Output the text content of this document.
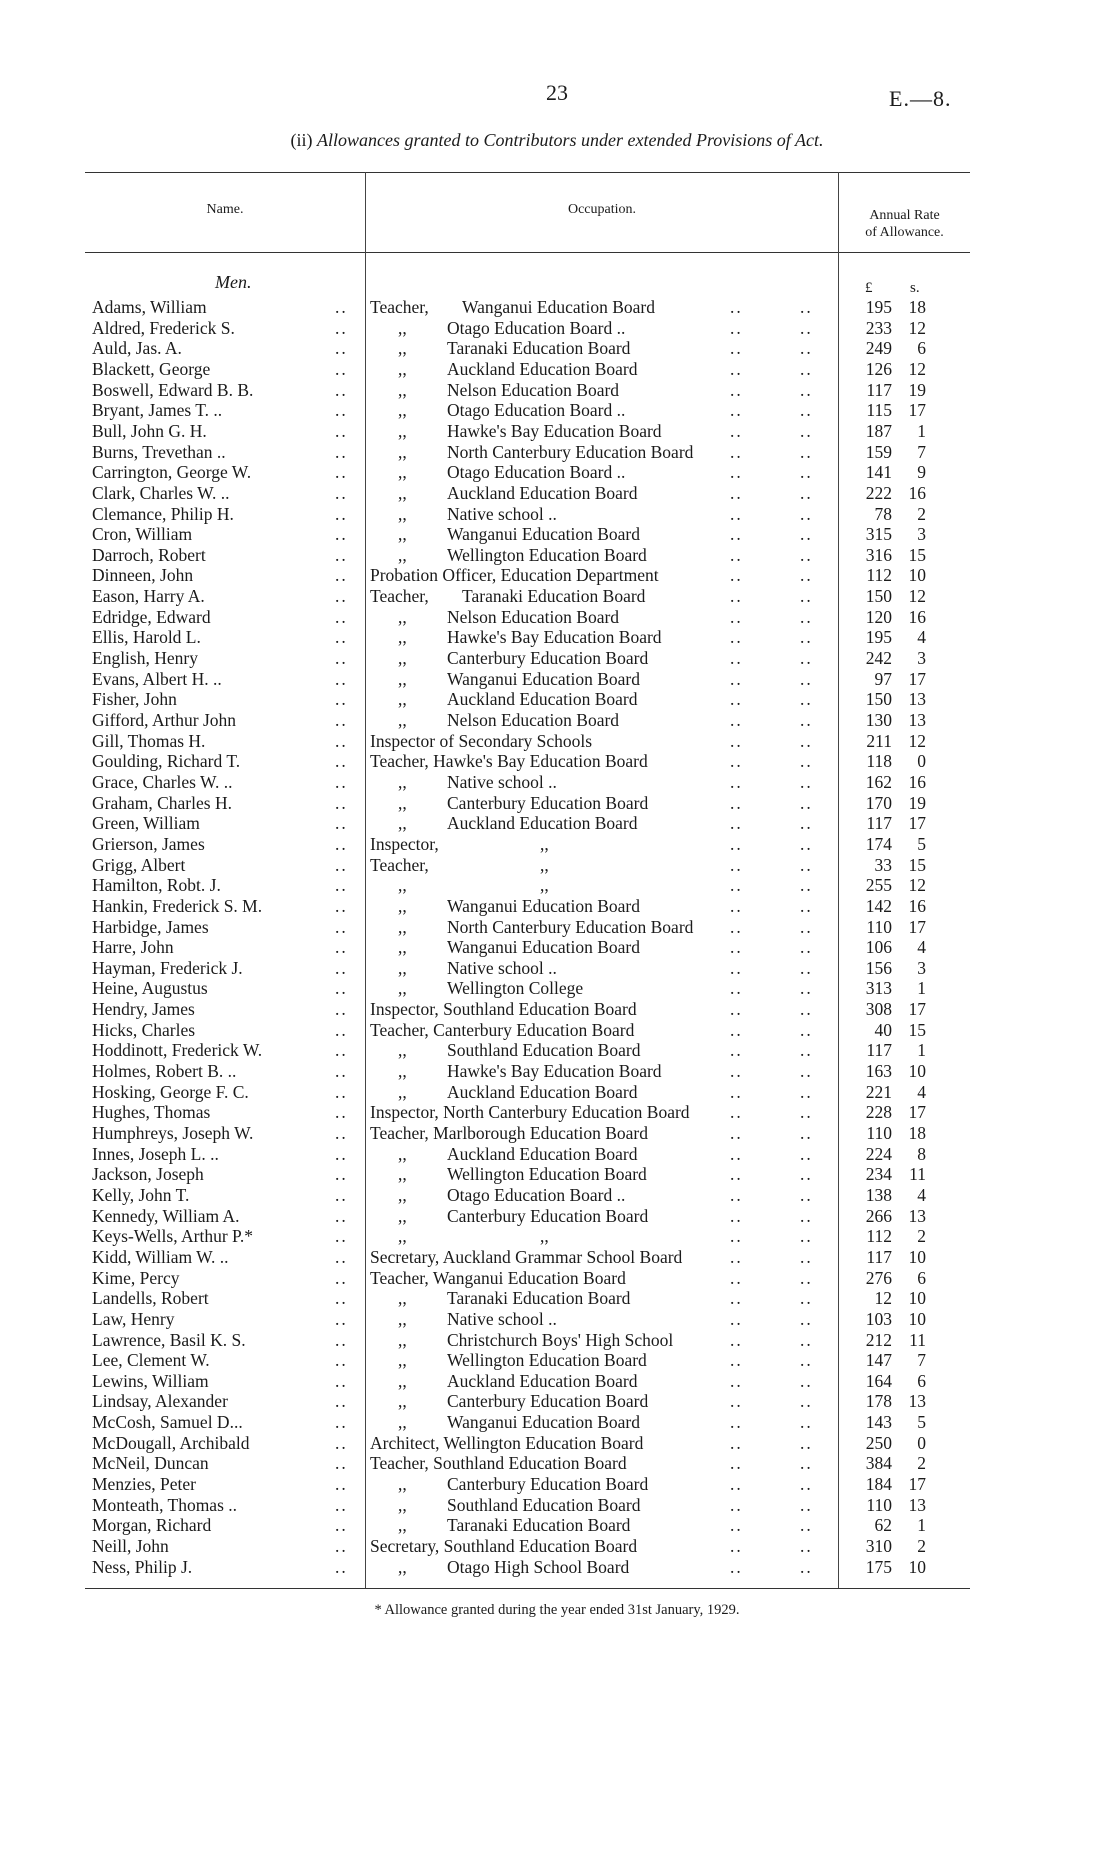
23	E.—8.
(ii) Allowances granted to Contributors under extended Provisions of Act.
Name.	Occupation.	Annual Rate
of Allowance.
Men.	£	s.
Adams, William	.. Teacher, Wanganui Education Board	..	..	195 18
Aldred, Frederick S.	..	,, Otago Education Board ..	..	..	233 12
Auld, Jas. A.	..	,, Taranaki Education Board	..	..	249	6
Blackett, George	..	,, Auckland Education Board	..	..	126 12
Boswell, Edward B. B.	..	,, Nelson Education Board	..	..	117 19
Bryant, James T. ..	..	,, Otago Education Board ..	..	..	115 17
Bull, John G. H.	..	,, Hawke's Bay Education Board	..	..	187	1
Burns, Trevethan ..	..	,, North Canterbury Education Board ..	..	159	7
Carrington, George W.	..	,, Otago Education Board ..	..	..	141	9
Clark, Charles W. ..	..	,, Auckland Education Board	..	..	222 16
Clemance, Philip H.	..	,, Native school ..	..	..	78	2
Cron, William	..	,, Wanganui Education Board	..	..	315	3
Darroch, Robert	..	,, Wellington Education Board	..	..	316 15
Dinneen, John	.. Probation Officer, Education Department	..	..	112 10
Eason, Harry A.	.. Teacher, Taranaki Education Board	..	..	150 12
Edridge, Edward	..	,, Nelson Education Board	..	..	120 16
Ellis, Harold L.	..	,, Hawke's Bay Education Board	..	..	195	4
English, Henry	..	,, Canterbury Education Board	..	..	242	3
Evans, Albert H. ..	..	,, Wanganui Education Board	..	..	97 17
Fisher, John	..	,, Auckland Education Board	..	..	150 13
Gifford, Arthur John	..	,, Nelson Education Board	..	..	130 13
Gill, Thomas H.	.. Inspector of Secondary Schools	..	..	211 12
Goulding, Richard T.	.. Teacher, Hawke's Bay Education Board	..	..	118	0
Grace, Charles W. ..	..	,, Native school ..	..	..	162 16
Graham, Charles H.	..	,, Canterbury Education Board	..	..	170 19
Green, William	..	,, Auckland Education Board	..	..	117 17
Grierson, James	.. Inspector,	,,	..	..	174	5
Grigg, Albert	.. Teacher,	,,	..	..	33 15
Hamilton, Robt. J.	..	,,	,,	..	..	255 12
Hankin, Frederick S. M.	..	,, Wanganui Education Board	..	..	142 16
Harbidge, James	..	,, North Canterbury Education Board ..	..	110 17
Harre, John	..	,, Wanganui Education Board	..	..	106	4
Hayman, Frederick J.	..	,, Native school ..	..	..	156	3
Heine, Augustus	..	,, Wellington College	..	..	313	1
Hendry, James	.. Inspector, Southland Education Board	..	..	308 17
Hicks, Charles	.. Teacher, Canterbury Education Board	..	..	40 15
Hoddinott, Frederick W.	..	,, Southland Education Board	..	..	117	1
Holmes, Robert B. ..	..	,, Hawke's Bay Education Board	..	..	163 10
Hosking, George F. C.	..	,, Auckland Education Board	..	..	221	4
Hughes, Thomas	.. Inspector, North Canterbury Education Board ..	..	228 17
Humphreys, Joseph W.	.. Teacher, Marlborough Education Board	..	..	110 18
Innes, Joseph L. ..	..	,, Auckland Education Board	..	..	224	8
Jackson, Joseph	..	,, Wellington Education Board	..	..	234 11
Kelly, John T.	..	,, Otago Education Board ..	..	..	138	4
Kennedy, William A.	..	,, Canterbury Education Board	..	..	266 13
Keys-Wells, Arthur P.*	..	,,	,,	..	..	112	2
Kidd, William W. ..	.. Secretary, Auckland Grammar School Board	..	..	117 10
Kime, Percy	.. Teacher, Wanganui Education Board	..	..	276	6
Landells, Robert	..	,, Taranaki Education Board	..	..	12 10
Law, Henry	..	,, Native school ..	..	..	103 10
Lawrence, Basil K. S.	..	,, Christchurch Boys' High School	..	..	212 11
Lee, Clement W.	..	,, Wellington Education Board	..	..	147	7
Lewins, William	..	,, Auckland Education Board	..	..	164	6
Lindsay, Alexander	..	,, Canterbury Education Board	..	..	178 13
McCosh, Samuel D...	..	,, Wanganui Education Board	..	..	143	5
McDougall, Archibald	.. Architect, Wellington Education Board	..	..	250	0
McNeil, Duncan	.. Teacher, Southland Education Board	..	..	384	2
Menzies, Peter	..	,, Canterbury Education Board	..	..	184 17
Monteath, Thomas ..	..	,, Southland Education Board	..	..	110 13
Morgan, Richard	..	,, Taranaki Education Board	..	..	62	1
Neill, John	.. Secretary, Southland Education Board	..	..	310	2
Ness, Philip J.	..	,, Otago High School Board	..	..	175 10
* Allowance granted during the year ended 31st January, 1929.
